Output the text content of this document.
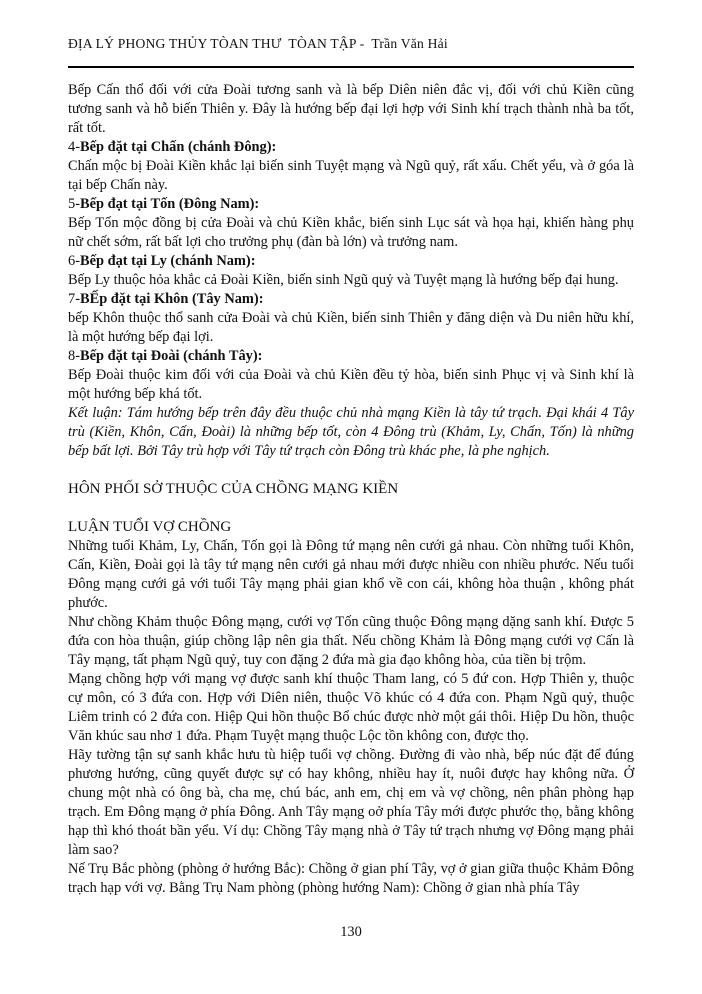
ĐỊA LÝ PHONG THỦY TÒAN THƯ  TÒAN TẬP -  Trần Văn Hải

Bếp Cấn thổ đối với cửa Đoài tương sanh và là bếp Diên niên đắc vị, đối với chủ Kiền cũng tương sanh và hỗ biến Thiên y. Đây là hướng bếp đại lợi hợp với Sinh khí trạch thành nhà ba tốt, rất tốt.

4-Bếp đặt tại Chấn (chánh Đông):

Chấn mộc bị Đoài Kiền khắc lại biến sinh Tuyệt mạng và Ngũ quỷ, rất xấu. Chết yểu, và ở góa là tại bếp Chấn này.

5-Bếp đạt tại Tốn (Đông Nam):

Bếp Tốn mộc đồng bị cửa Đoài và chủ Kiền khắc, biến sinh Lục sát và họa hại, khiến hàng phụ nữ chết sớm, rất bất lợi cho trưởng phụ (đàn bà lớn) và trưởng nam.

6-Bếp đạt tại Ly (chánh Nam):

Bếp Ly thuộc hỏa khắc cả Đoài Kiền, biến sinh Ngũ quỷ và Tuyệt mạng là hướng bếp đại hung.

7-BẾp đặt tại Khôn (Tây Nam):

bếp Khôn thuộc thổ sanh cửa Đoài và chủ Kiền, biến sinh Thiên y đăng diện và Du niên hữu khí, là một hướng bếp đại lợi.

8-Bếp đặt tại Đoài (chánh Tây):

Bếp Đoài thuộc kim đối với của Đoài và chủ Kiền đều tỷ hòa, biến sinh Phục vị và Sinh khí là một hướng bếp khá tốt.

Kết luận: Tám hướng bếp trên đây đều thuộc chủ nhà mạng Kiền là tây tứ trạch. Đại khái 4 Tây trù (Kiền, Khôn, Cấn, Đoài) là những bếp tốt, còn 4 Đông trù (Khảm, Ly, Chấn, Tốn) là những bếp bất lợi. Bởi Tây trù hợp với Tây tứ trạch còn Đông trù khác phe, là phe nghịch.

HÔN PHỐI SỞ THUỘC CỦA CHỒNG MẠNG KIỀN
LUẬN TUỔI VỢ CHỒNG

Những tuổi Khảm, Ly, Chấn, Tốn gọi là Đông tứ mạng nên cưới gả nhau. Còn những tuổi Khôn, Cấn, Kiền, Đoài gọi là tây tứ mạng nên cưới gả nhau mới được nhiều con nhiều phước. Nếu tuổi Đông mạng cưới gả với tuổi Tây mạng phải gian khổ về con cái, không hòa thuận , không phát phước.

Như chồng Khảm thuộc Đông mạng, cưới vợ Tốn cũng thuộc Đông mạng dặng sanh khí. Được 5 đứa con hòa thuận, giúp chồng lập nên gia thất. Nếu chồng Khảm là Đông mạng cưới vợ Cấn là Tây mạng, tất phạm Ngũ quỷ, tuy con đặng 2 đứa mà gia đạo không hòa, của tiền bị trộm.

Mạng chồng hợp với mạng vợ được sanh khí thuộc Tham lang, có 5 đứ con. Hợp Thiên y, thuộc cự môn, có 3 đứa con. Hợp với Diên niên, thuộc Võ khúc có 4 đứa con. Phạm Ngũ quỷ, thuộc Liêm trinh có 2 đứa con. Hiệp Qui hồn thuộc Bổ chúc được nhờ một gái thôi. Hiệp Du hồn, thuộc Văn khúc sau nhơ 1 đứa. Phạm Tuyệt mạng thuộc Lộc tồn không con, được thọ.

Hãy tường tận sự sanh khắc hưu tù hiệp tuổi vợ chồng. Đường đi vào nhà, bếp núc đặt để đúng phương hướng, cũng quyết được sự có hay không, nhiều hay ít, nuôi được hay không nữa. Ở chung một nhà có ông bà, cha mẹ, chú bác, anh em, chị em và vợ chồng, nên phân phòng hạp trạch. Em Đông mạng ở phía Đông. Anh Tây mạng oở phía Tây mới được phước thọ, bằng không hạp thì khó thoát bần yểu. Ví dụ: Chồng Tây mạng nhà ở Tây tứ trạch nhưng vợ Đông mạng phải làm sao?

Nế Trụ Bắc phòng (phòng ở hướng Bắc): Chồng ở gian phí Tây, vợ ở gian giữa thuộc Khảm Đông trạch hạp với vợ. Bằng Trụ Nam phòng (phòng hướng Nam): Chồng ở gian nhà phía Tây

130
